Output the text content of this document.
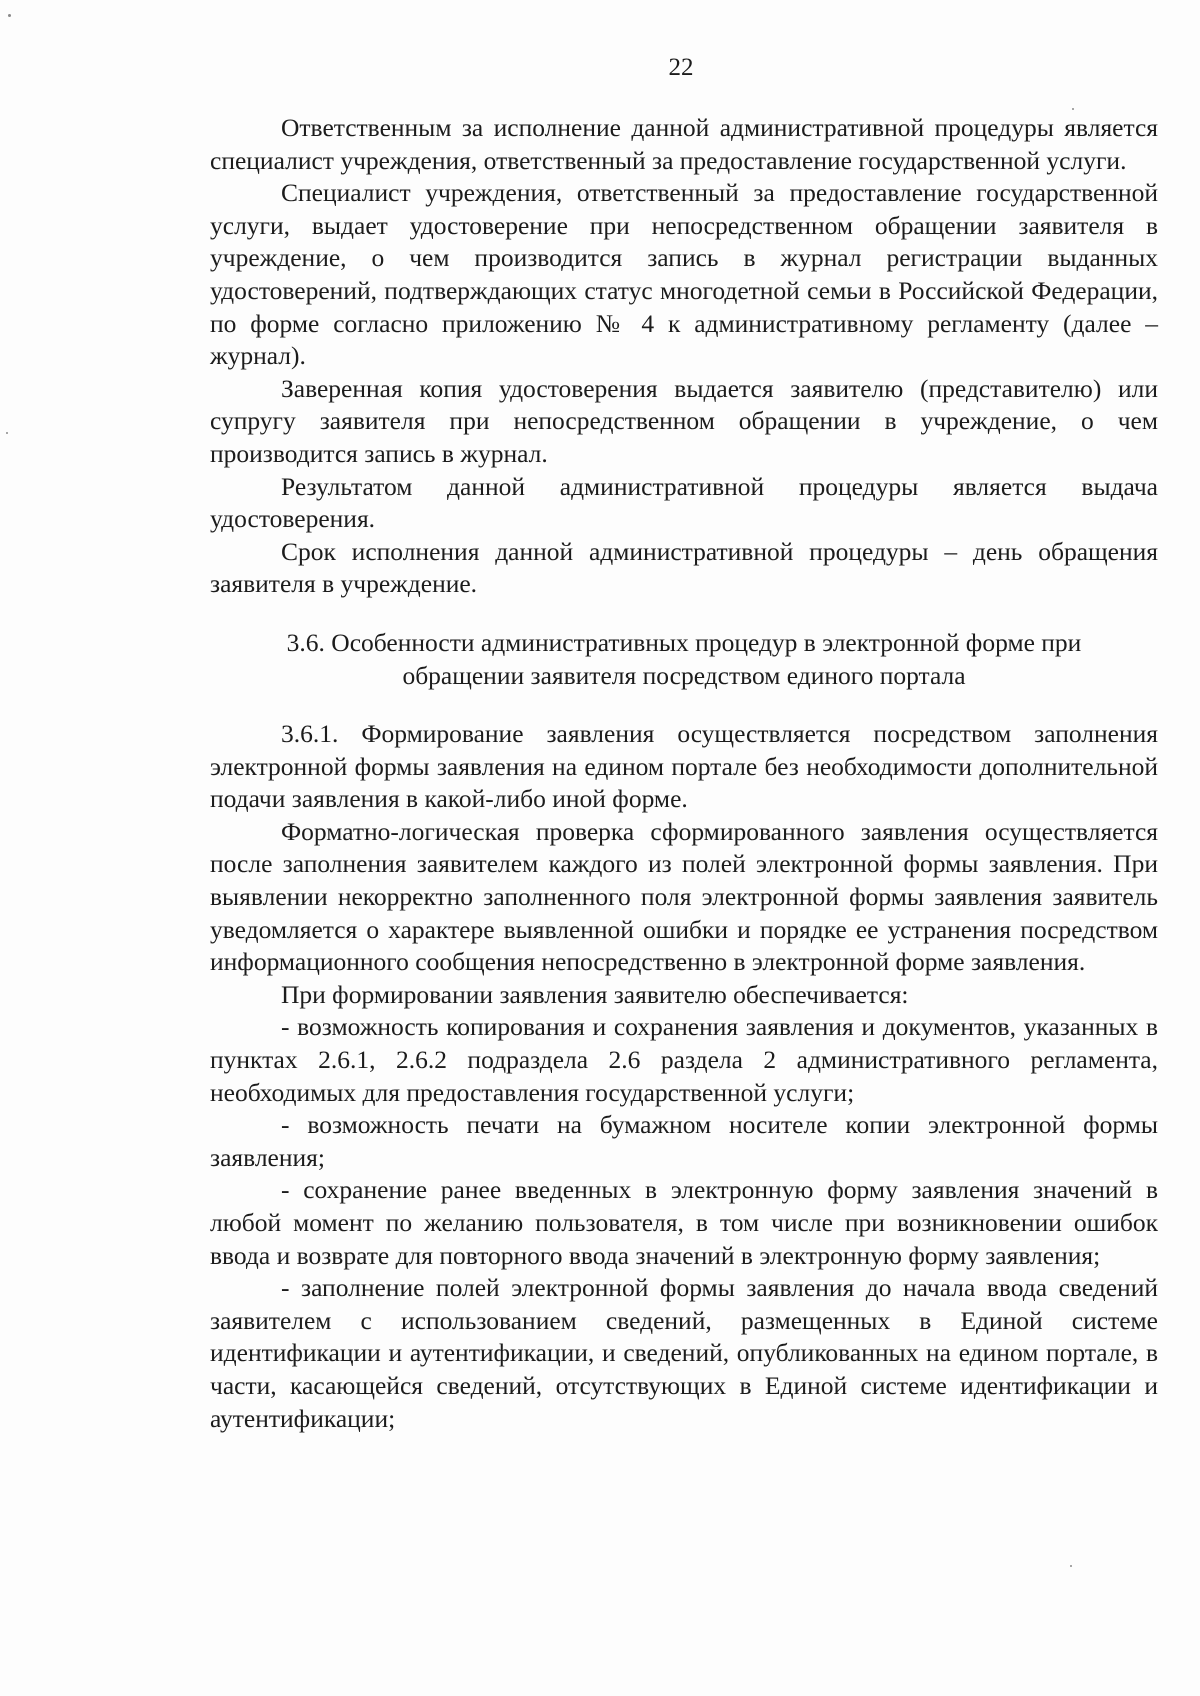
22

Ответственным за исполнение данной административной процедуры является специалист учреждения, ответственный за предоставление государственной услуги.

Специалист учреждения, ответственный за предоставление государственной услуги, выдает удостоверение при непосредственном обращении заявителя в учреждение, о чем производится запись в журнал регистрации выданных удостоверений, подтверждающих статус многодетной семьи в Российской Федерации, по форме согласно приложению № 4 к административному регламенту (далее – журнал).

Заверенная копия удостоверения выдается заявителю (представителю) или супругу заявителя при непосредственном обращении в учреждение, о чем производится запись в журнал.

Результатом данной административной процедуры является выдача удостоверения.

Срок исполнения данной административной процедуры – день обращения заявителя в учреждение.

3.6. Особенности административных процедур в электронной форме при обращении заявителя посредством единого портала

3.6.1. Формирование заявления осуществляется посредством заполнения электронной формы заявления на едином портале без необходимости дополнительной подачи заявления в какой-либо иной форме.

Форматно-логическая проверка сформированного заявления осуществляется после заполнения заявителем каждого из полей электронной формы заявления. При выявлении некорректно заполненного поля электронной формы заявления заявитель уведомляется о характере выявленной ошибки и порядке ее устранения посредством информационного сообщения непосредственно в электронной форме заявления.

При формировании заявления заявителю обеспечивается:

- возможность копирования и сохранения заявления и документов, указанных в пунктах 2.6.1, 2.6.2 подраздела 2.6 раздела 2 административного регламента, необходимых для предоставления государственной услуги;

- возможность печати на бумажном носителе копии электронной формы заявления;

- сохранение ранее введенных в электронную форму заявления значений в любой момент по желанию пользователя, в том числе при возникновении ошибок ввода и возврате для повторного ввода значений в электронную форму заявления;

- заполнение полей электронной формы заявления до начала ввода сведений заявителем с использованием сведений, размещенных в Единой системе идентификации и аутентификации, и сведений, опубликованных на едином портале, в части, касающейся сведений, отсутствующих в Единой системе идентификации и аутентификации;
